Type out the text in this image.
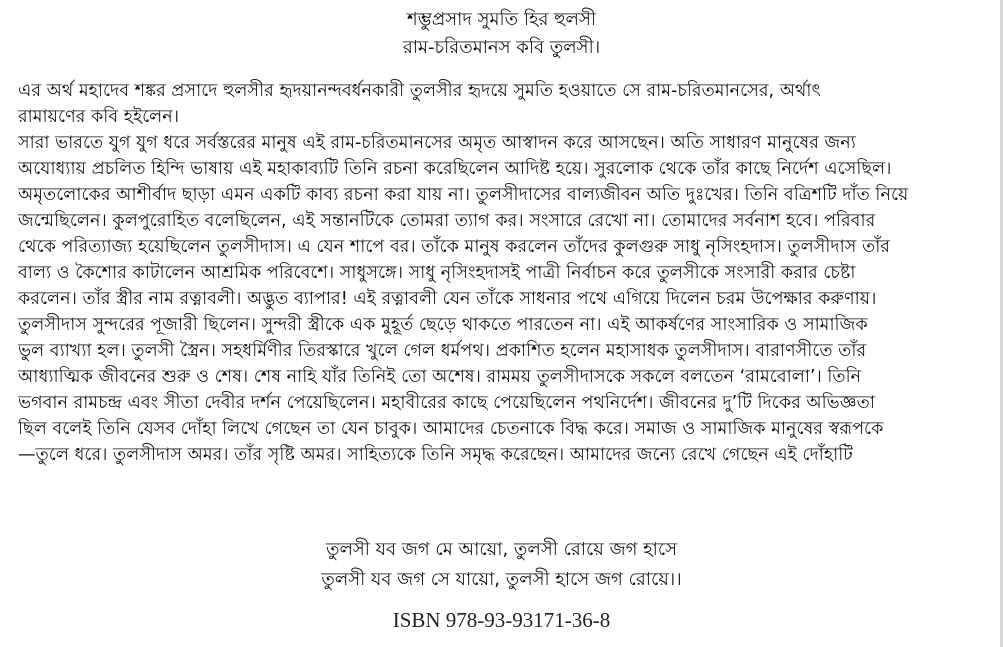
শম্ভুপ্রসাদ সুমতি হির হুলসী
রাম-চরিতমানস কবি তুলসী।
এর অর্থ মহাদেব শঙ্কর প্রসাদে হুলসীর হৃদয়ানন্দবর্ধনকারী তুলসীর হৃদয়ে সুমতি হওয়াতে সে রাম-চরিতমানসের, অর্থাৎ
রামায়ণের কবি হইলেন।
সারা ভারতে যুগ যুগ ধরে সর্বস্তরের মানুষ এই রাম-চরিতমানসের অমৃত আস্বাদন করে আসছেন। অতি সাধারণ মানুষের জন্য
অযোধ্যায় প্রচলিত হিন্দি ভাষায় এই মহাকাব্যটি তিনি রচনা করেছিলেন আদিষ্ট হয়ে। সুরলোক থেকে তাঁর কাছে নির্দেশ এসেছিল।
অমৃতলোকের আশীর্বাদ ছাড়া এমন একটি কাব্য রচনা করা যায় না। তুলসীদাসের বাল্যজীবন অতি দুঃখের। তিনি বত্রিশটি দাঁত নিয়ে
জন্মেছিলেন। কুলপুরোহিত বলেছিলেন, এই সন্তানটিকে তোমরা ত্যাগ কর। সংসারে রেখো না। তোমাদের সর্বনাশ হবে। পরিবার
থেকে পরিত্যাজ্য হয়েছিলেন তুলসীদাস। এ যেন শাপে বর। তাঁকে মানুষ করলেন তাঁদের কুলগুরু সাধু নৃসিংহদাস। তুলসীদাস তাঁর
বাল্য ও কৈশোর কাটালেন আশ্রমিক পরিবেশে। সাধুসঙ্গে। সাধু নৃসিংহদাসই পাত্রী নির্বাচন করে তুলসীকে সংসারী করার চেষ্টা
করলেন। তাঁর স্ত্রীর নাম রত্নাবলী। অদ্ভুত ব্যাপার! এই রত্নাবলী যেন তাঁকে সাধনার পথে এগিয়ে দিলেন চরম উপেক্ষার করুণায়।
তুলসীদাস সুন্দরের পূজারী ছিলেন। সুন্দরী স্ত্রীকে এক মুহূর্ত ছেড়ে থাকতে পারতেন না। এই আকর্ষণের সাংসারিক ও সামাজিক
ভুল ব্যাখ্যা হল। তুলসী স্ত্রৈন। সহধর্মিণীর তিরস্কারে খুলে গেল ধর্মপথ। প্রকাশিত হলেন মহাসাধক তুলসীদাস। বারাণসীতে তাঁর
আধ্যাত্মিক জীবনের শুরু ও শেষ। শেষ নাহি যাঁর তিনিই তো অশেষ। রামময় তুলসীদাসকে সকলে বলতেন ‘রামবোলা’। তিনি
ভগবান রামচন্দ্র এবং সীতা দেবীর দর্শন পেয়েছিলেন। মহাবীরের কাছে পেয়েছিলেন পথনির্দেশ। জীবনের দু’টি দিকের অভিজ্ঞতা
ছিল বলেই তিনি যেসব দোঁহা লিখে গেছেন তা যেন চাবুক। আমাদের চেতনাকে বিদ্ধ করে। সমাজ ও সামাজিক মানুষের স্বরূপকে
—তুলে ধরে। তুলসীদাস অমর। তাঁর সৃষ্টি অমর। সাহিত্যকে তিনি সমৃদ্ধ করেছেন। আমাদের জন্যে রেখে গেছেন এই দোঁহাটি
তুলসী যব জগ মে আয়ো, তুলসী রোয়ে জগ হাসে
তুলসী যব জগ সে যায়ো, তুলসী হাসে জগ রোয়ে।।
ISBN 978-93-93171-36-8
